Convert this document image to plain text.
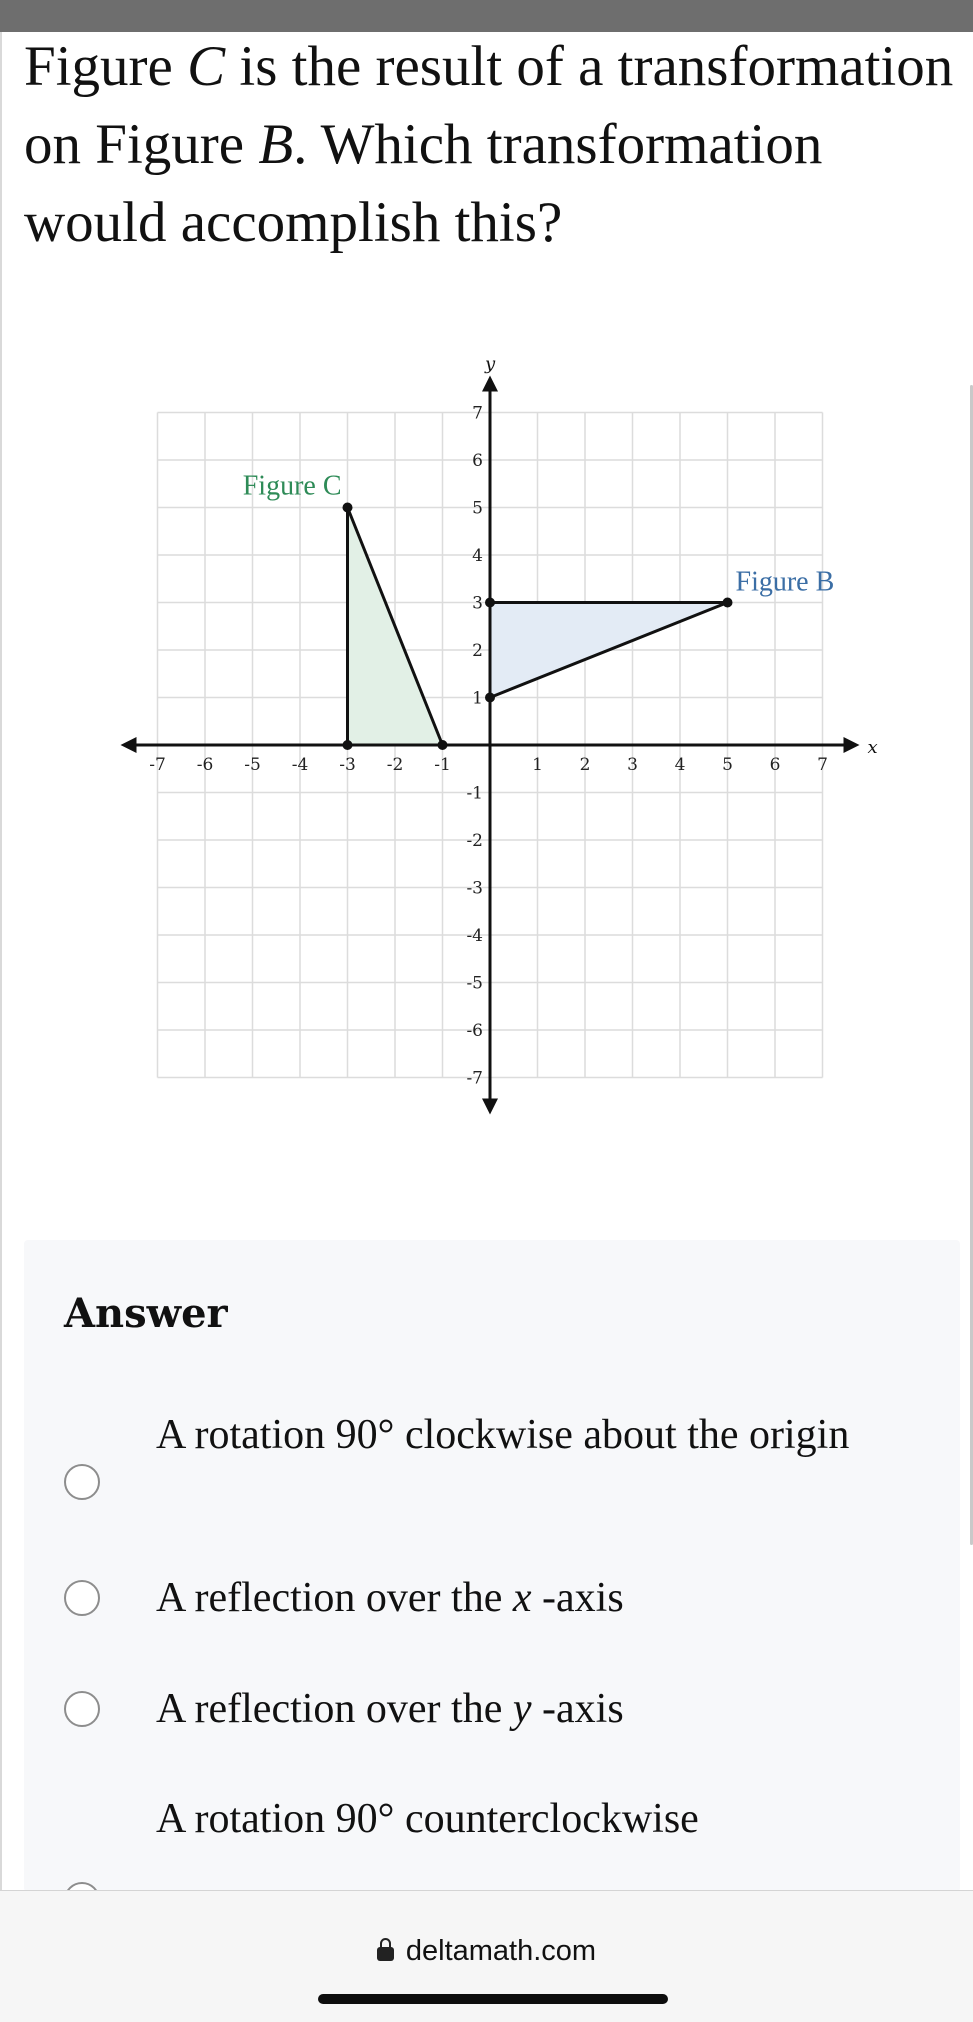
Figure C is the result of a transformation on Figure B. Which transformation would accomplish this?

x
y
-7 -6 -5 -4 -3 -2 -1	1 2 3 4 5 6 7
-7
-6
-5
-4
-3
-2
-1
1
2
3
4
5
6
7
Figure B
Figure C
Answer
A rotation 90° clockwise about the origin
A reflection over the x -axis
A reflection over the y -axis
A rotation 90° counterclockwise
deltamath.com
